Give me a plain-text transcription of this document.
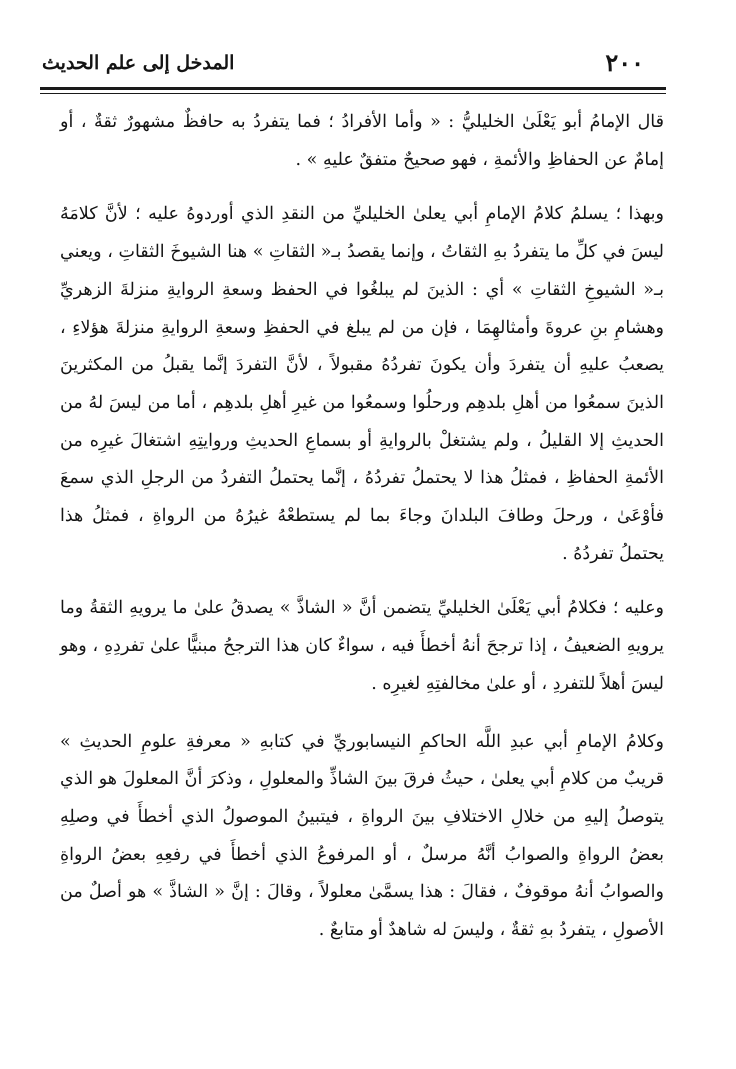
٢٠٠
المدخل إلى علم الحديث

قال الإمامُ أبو يَعْلَىٰ الخليليُّ : « وأما الأفرادُ ؛ فما يتفردُ به حافظٌ مشهورٌ ثقةٌ ، أو إمامٌ عن الحفاظِ والأئمةِ ، فهو صحيحٌ متفقٌ عليهِ » .

وبهذا ؛ يسلمُ كلامُ الإمامِ أبي يعلىٰ الخليليِّ من النقدِ الذي أوردوهُ عليه ؛ لأنَّ كلامَهُ ليسَ في كلِّ ما يتفردُ بهِ الثقاتُ ، وإنما يقصدُ بـ« الثقاتِ » هنا الشيوخَ الثقاتِ ، ويعني بـ« الشيوخِ الثقاتِ » أي : الذينَ لم يبلغُوا في الحفظ وسعةِ الروايةِ منزلةَ الزهريِّ وهشامِ بنِ عروةَ وأمثالهِمَا ، فإن من لم يبلغ في الحفظِ وسعةِ الروايةِ منزلةَ هؤلاءِ ، يصعبُ عليهِ أن يتفردَ وأن يكونَ تفردُهُ مقبولاً ، لأنَّ التفردَ إنَّما يقبلُ من المكثرينَ الذينَ سمعُوا من أهلِ بلدهِم ورحلُوا وسمعُوا من غيرِ أهلِ بلدهِم ، أما من ليسَ لهُ من الحديثِ إلا القليلُ ، ولم يشتغلْ بالروايةِ أو بسماعِ الحديثِ وروايتِهِ اشتغالَ غيرِه من الأئمةِ الحفاظِ ، فمثلُ هذا لا يحتملُ تفردُهُ ، إنَّما يحتملُ التفردُ من الرجلِ الذي سمعَ فأوْعَىٰ ، ورحلَ وطافَ البلدانَ وجاءَ بما لم يستطعْهُ غيرُهُ من الرواةِ ، فمثلُ هذا يحتملُ تفردُهُ .

وعليه ؛ فكلامُ أبي يَعْلَىٰ الخليليِّ يتضمن أنَّ « الشاذَّ » يصدقُ علىٰ ما يرويهِ الثقةُ وما يرويهِ الضعيفُ ، إذا ترجحَ أنهُ أخطأَ فيه ، سواءٌ كان هذا الترجحُ مبنيًّا علىٰ تفردِهِ ، وهو ليسَ أهلاً للتفردِ ، أو علىٰ مخالفتِهِ لغيرِه .

وكلامُ الإمامِ أبي عبدِ اللَّه الحاكمِ النيسابوريِّ في كتابهِ « معرفةِ علومِ الحديثِ » قريبٌ من كلامِ أبي يعلىٰ ، حيثُ فرقَ بينَ الشاذِّ والمعلولِ ، وذكرَ أنَّ المعلولَ هو الذي يتوصلُ إليهِ من خلالِ الاختلافِ بينَ الرواةِ ، فيتبينُ الموصولُ الذي أخطأَ في وصلِهِ بعضُ الرواةِ والصوابُ أنَّهُ مرسلٌ ، أو المرفوعُ الذي أخطأَ في رفعِهِ بعضُ الرواةِ والصوابُ أنهُ موقوفٌ ، فقالَ : هذا يسمَّىٰ معلولاً ، وقالَ : إنَّ « الشاذَّ » هو أصلٌ من الأصولِ ، يتفردُ بهِ ثقةٌ ، وليسَ له شاهدٌ أو متابعٌ .
